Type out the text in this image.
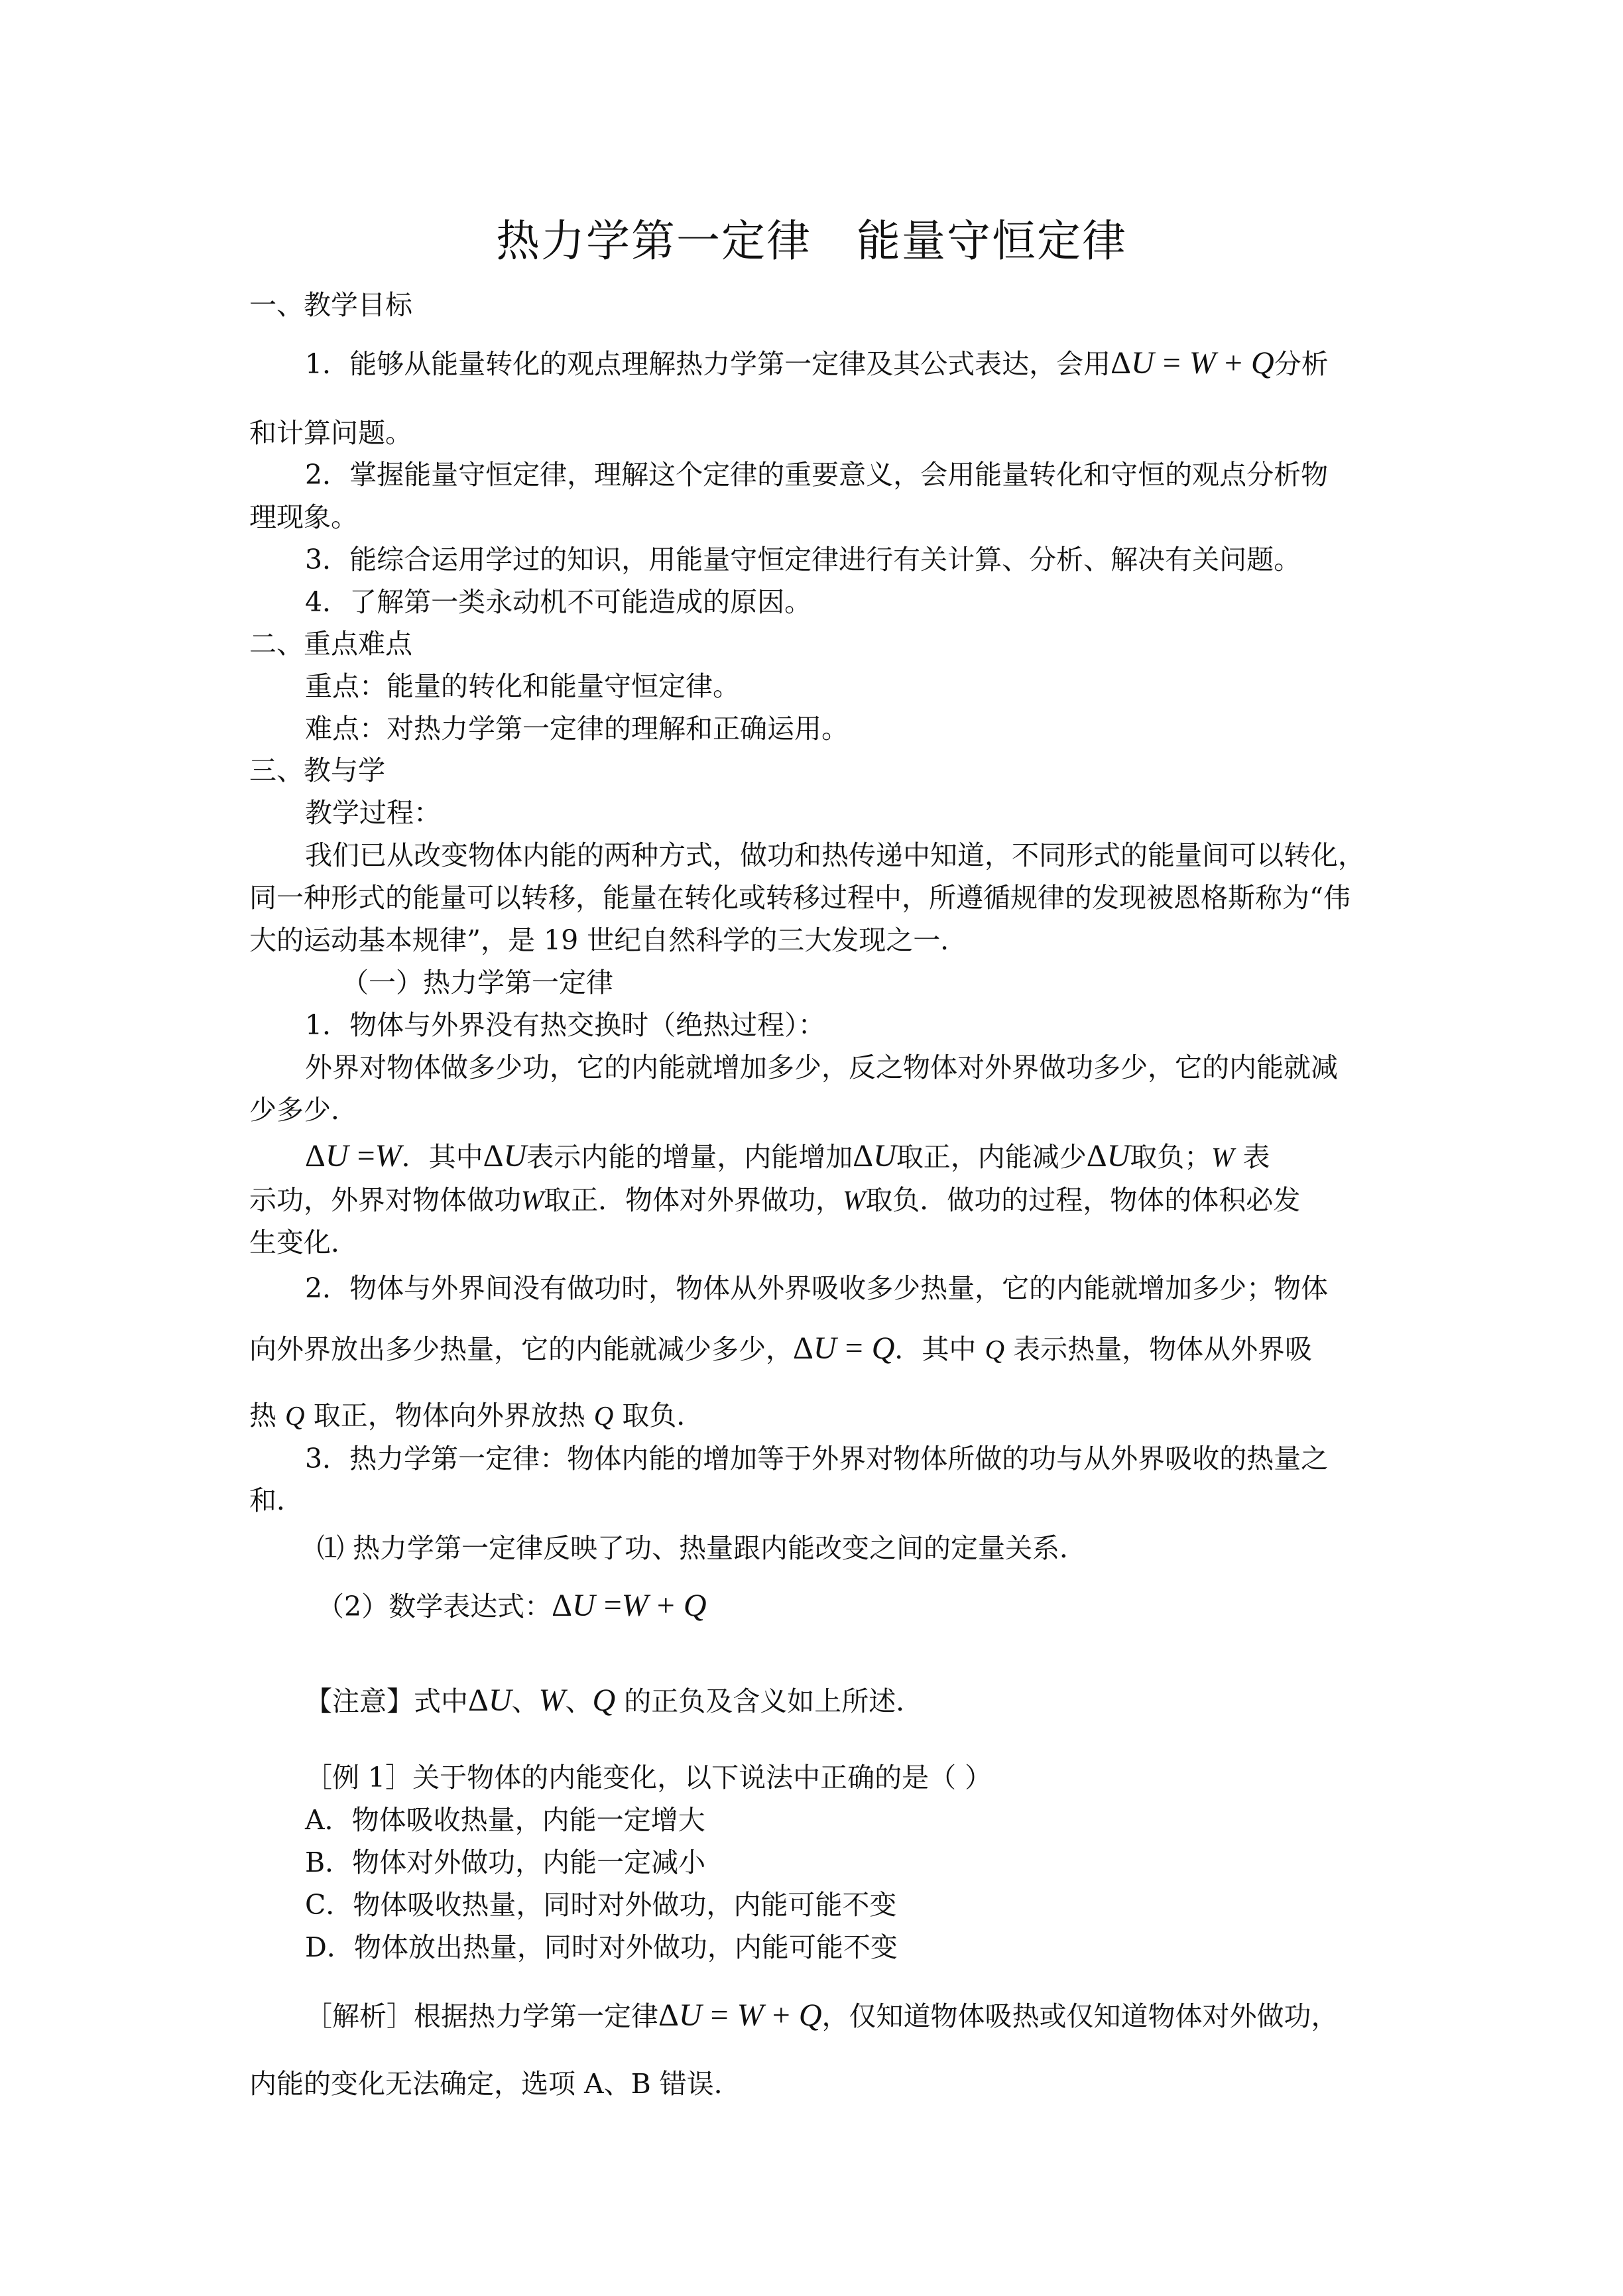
热力学第一定律　能量守恒定律
一、教学目标
1．能够从能量转化的观点理解热力学第一定律及其公式表达，会用ΔU = W + Q分析
和计算问题。
2．掌握能量守恒定律，理解这个定律的重要意义，会用能量转化和守恒的观点分析物
理现象。
3．能综合运用学过的知识，用能量守恒定律进行有关计算、分析、解决有关问题。
4．了解第一类永动机不可能造成的原因。
二、重点难点
重点：能量的转化和能量守恒定律。
难点：对热力学第一定律的理解和正确运用。
三、教与学
教学过程：
我们已从改变物体内能的两种方式，做功和热传递中知道，不同形式的能量间可以转化，
同一种形式的能量可以转移，能量在转化或转移过程中，所遵循规律的发现被恩格斯称为“伟
大的运动基本规律”，是 19 世纪自然科学的三大发现之一．
（一）热力学第一定律
1．物体与外界没有热交换时（绝热过程）：
外界对物体做多少功，它的内能就增加多少，反之物体对外界做功多少，它的内能就减
少多少．
ΔU =W．其中ΔU表示内能的增量，内能增加ΔU取正，内能减少ΔU取负；W 表
示功，外界对物体做功W取正．物体对外界做功，W取负．做功的过程，物体的体积必发
生变化．
2．物体与外界间没有做功时，物体从外界吸收多少热量，它的内能就增加多少；物体
向外界放出多少热量，它的内能就减少多少，ΔU = Q．其中 Q 表示热量，物体从外界吸
热 Q 取正，物体向外界放热 Q 取负．
3．热力学第一定律：物体内能的增加等于外界对物体所做的功与从外界吸收的热量之
和．
⑴ 热力学第一定律反映了功、热量跟内能改变之间的定量关系．
（2）数学表达式：ΔU =W + Q
【注意】式中ΔU、W、Q 的正负及含义如上所述．
［例 1］关于物体的内能变化，以下说法中正确的是（ ）
A．物体吸收热量，内能一定增大
B．物体对外做功，内能一定减小
C．物体吸收热量，同时对外做功，内能可能不变
D．物体放出热量，同时对外做功，内能可能不变
［解析］根据热力学第一定律ΔU = W + Q，仅知道物体吸热或仅知道物体对外做功，
内能的变化无法确定，选项 A、B 错误．
